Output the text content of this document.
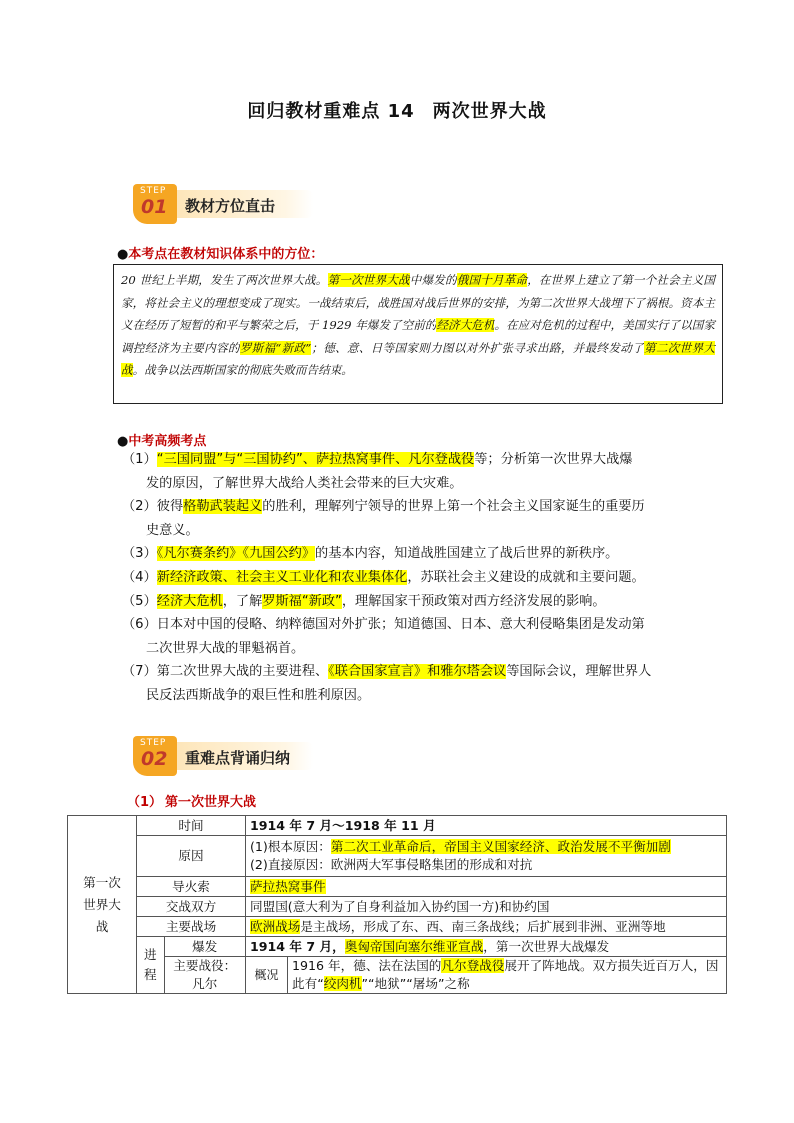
回归教材重难点 14 两次世界大战
STEP
01 教材方位直击
●本考点在教材知识体系中的方位：
20 世纪上半期，发生了两次世界大战。第一次世界大战中爆发的俄国十月革命，在世界上建立了第一个社会主义国家，将社会主义的理想变成了现实。一战结束后，战胜国对战后世界的安排，为第二次世界大战埋下了祸根。资本主义在经历了短暂的和平与繁荣之后，于 1929 年爆发了空前的经济大危机。在应对危机的过程中，美国实行了以国家调控经济为主要内容的罗斯福“新政”；德、意、日等国家则力图以对外扩张寻求出路，并最终发动了第二次世界大战。战争以法西斯国家的彻底失败而告结束。
●中考高频考点

（1）“三国同盟”与“三国协约”、萨拉热窝事件、凡尔登战役等；分析第一次世界大战爆

发的原因，了解世界大战给人类社会带来的巨大灾难。

（2）彼得格勒武装起义的胜利，理解列宁领导的世界上第一个社会主义国家诞生的重要历

史意义。

（3）《凡尔赛条约》《九国公约》的基本内容，知道战胜国建立了战后世界的新秩序。

（4）新经济政策、社会主义工业化和农业集体化，苏联社会主义建设的成就和主要问题。

（5）经济大危机，了解罗斯福“新政”，理解国家干预政策对西方经济发展的影响。

（6）日本对中国的侵略、纳粹德国对外扩张；知道德国、日本、意大利侵略集团是发动第

二次世界大战的罪魁祸首。

（7）第二次世界大战的主要进程、《联合国家宣言》和雅尔塔会议等国际会议，理解世界人

民反法西斯战争的艰巨性和胜利原因。

STEP
02 重难点背诵归纳
（1） 第一次世界大战
第一次世界大战	时间		1914 年 7 月～1918 年 11 月	
	原因		(1)根本原因：第二次工业革命后，帝国主义国家经济、政治发展不平衡加剧
(2)直接原因：欧洲两大军事侵略集团的形成和对抗	

	导火索		萨拉热窝事件	
	交战双方		同盟国(意大利为了自身利益加入协约国一方)和协约国	
	主要战场		欧洲战场是主战场，形成了东、西、南三条战线；后扩展到非洲、亚洲等地	

	进程	爆发	1914 年 7 月，奥匈帝国向塞尔维亚宣战，第一次世界大战爆发	

		主要战役：凡尔	概况	1916 年，德、法在法国的凡尔登战役展开了阵地战。双方损失近百万人，因此有“绞肉机”“地狱”“屠场”之称
